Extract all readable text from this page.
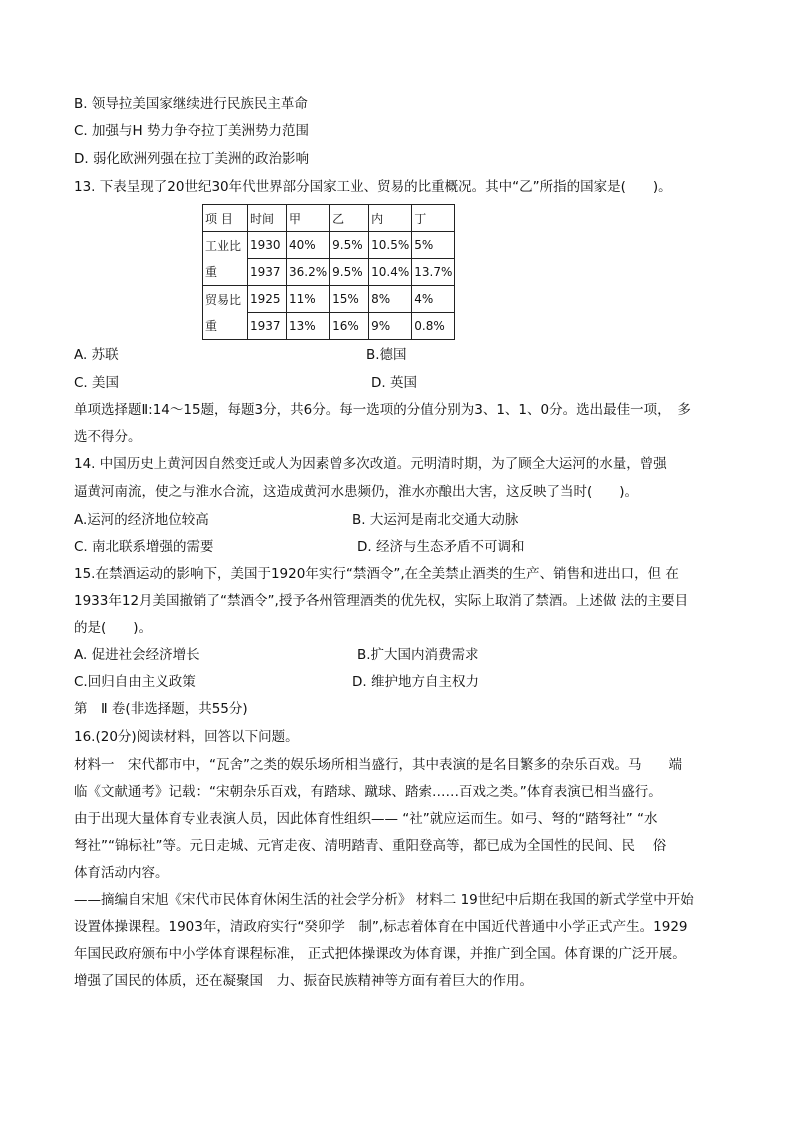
B. 领导拉美国家继续进行民族民主革命
C. 加强与H 势力争夺拉丁美洲势力范围
D. 弱化欧洲列强在拉丁美洲的政治影响
13. 下表呈现了20世纪30年代世界部分国家工业、贸易的比重概况。其中“乙”所指的国家是(　　)。
项 目	时间	甲	乙	内	丁
工业比	1930	40%	9.5%	10.5%	5%
重	1937	36.2%	9.5%	10.4%	13.7%
贸易比	1925	11%	15%	8%	4%
重	1937	13%	16%	9%	0.8%
A. 苏联	B.德国
C. 美国	D. 英国
单项选择题Ⅱ:14～15题，每题3分，共6分。每一选项的分值分别为3、1、1、0分。选出最佳一项，　多
选不得分。
14. 中国历史上黄河因自然变迁或人为因素曾多次改道。元明清时期，为了顾全大运河的水量，曾强
逼黄河南流，使之与淮水合流，这造成黄河水患频仍，淮水亦酿出大害，这反映了当时(　　)。
A.运河的经济地位较高	B. 大运河是南北交通大动脉
C. 南北联系增强的需要	D. 经济与生态矛盾不可调和
15.在禁酒运动的影响下，美国于1920年实行“禁酒令”,在全美禁止酒类的生产、销售和进出口，但 在
1933年12月美国撤销了“禁酒令”,授予各州管理酒类的优先权，实际上取消了禁酒。上述做 法的主要目
的是(　　)。
A. 促进社会经济增长	B.扩大国内消费需求
C.回归自由主义政策	D. 维护地方自主权力
第　Ⅱ 卷(非选择题，共55分)
16.(20分)阅读材料，回答以下问题。
材料一　宋代都市中，“瓦舍”之类的娱乐场所相当盛行，其中表演的是名目繁多的杂乐百戏。马　　端
临《文献通考》记载：“宋朝杂乐百戏，有踏球、蹴球、踏索……百戏之类。”体育表演已相当盛行。
由于出现大量体育专业表演人员，因此体育性组织—— “社”就应运而生。如弓、弩的“踏弩社” “水
弩社”“锦标社”等。元日走城、元宵走夜、清明踏青、重阳登高等，都已成为全国性的民间、民　 俗
体育活动内容。
——摘编自宋旭《宋代市民体育休闲生活的社会学分析》 材料二 19世纪中后期在我国的新式学堂中开始
设置体操课程。1903年，清政府实行“癸卯学　制”,标志着体育在中国近代普通中小学正式产生。1929
年国民政府颁布中小学体育课程标准， 正式把体操课改为体育课，并推广到全国。体育课的广泛开展。
增强了国民的体质，还在凝聚国　力、振奋民族精神等方面有着巨大的作用。
